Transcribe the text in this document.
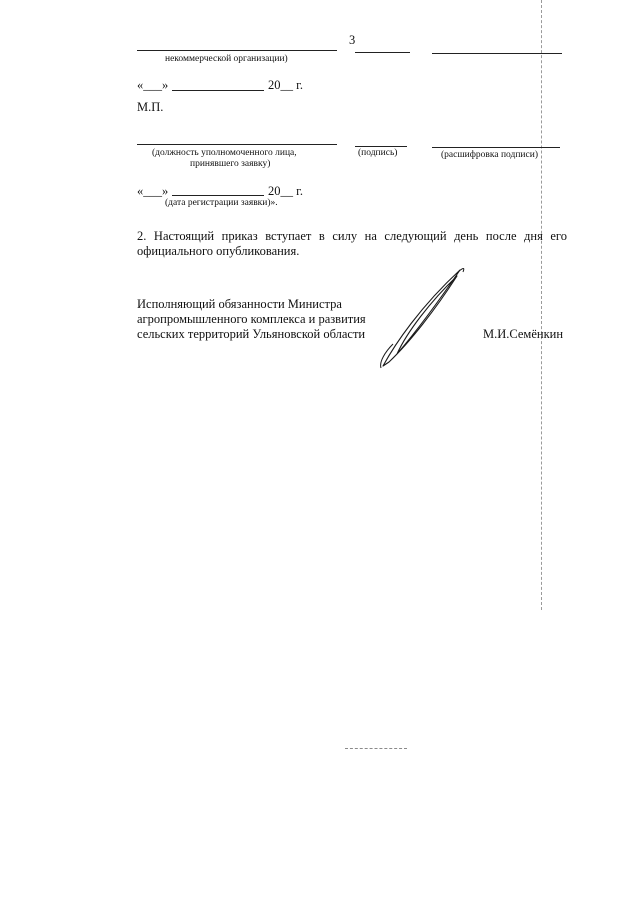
3
некоммерческой организации)
«___»	20__ г.
М.П.
(должность уполномоченного лица,
принявшего заявку)
(подпись)	(расшифровка подписи)
«___»	20__ г.
(дата регистрации заявки)».
2. Настоящий приказ вступает в силу на следующий день после дня его
официального опубликования.
Исполняющий обязанности Министра
агропромышленного комплекса и развития
сельских территорий Ульяновской области	М.И.Семёнкин
